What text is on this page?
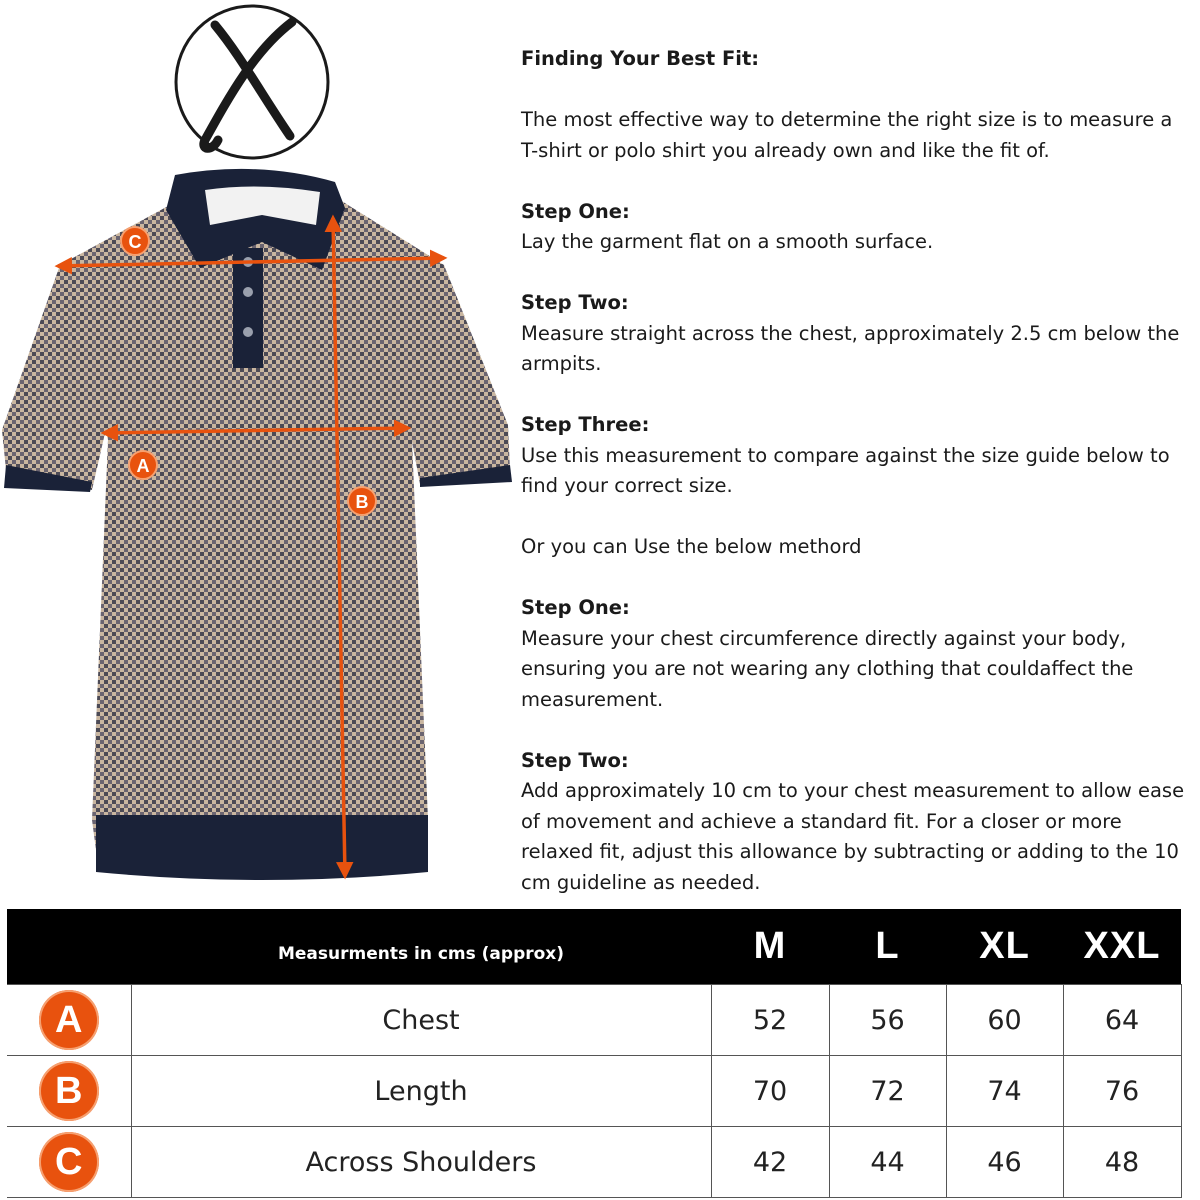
C
A
B

Finding Your Best Fit:

The most effective way to determine the right size is to measure a T-shirt or polo shirt you already own and like the fit of.

Step One:

Lay the garment flat on a smooth surface.

Step Two:

Measure straight across the chest, approximately 2.5 cm below the armpits.

Step Three:

Use this measurement to compare against the size guide below to find your correct size.

Or you can Use the below methord

Step One:

Measure your chest circumference directly against your body, ensuring you are not wearing any clothing that couldaffect the measurement.

Step Two:

Add approximately 10 cm to your chest measurement to allow ease of movement and achieve a standard fit. For a closer or more relaxed fit, adjust this allowance by subtracting or adding to the 10 cm guideline as needed.

	Measurments in cms (approx)	M	L	XL	XXL
A	Chest	52	56	60	64
B	Length	70	72	74	76
C	Across Shoulders	42	44	46	48
